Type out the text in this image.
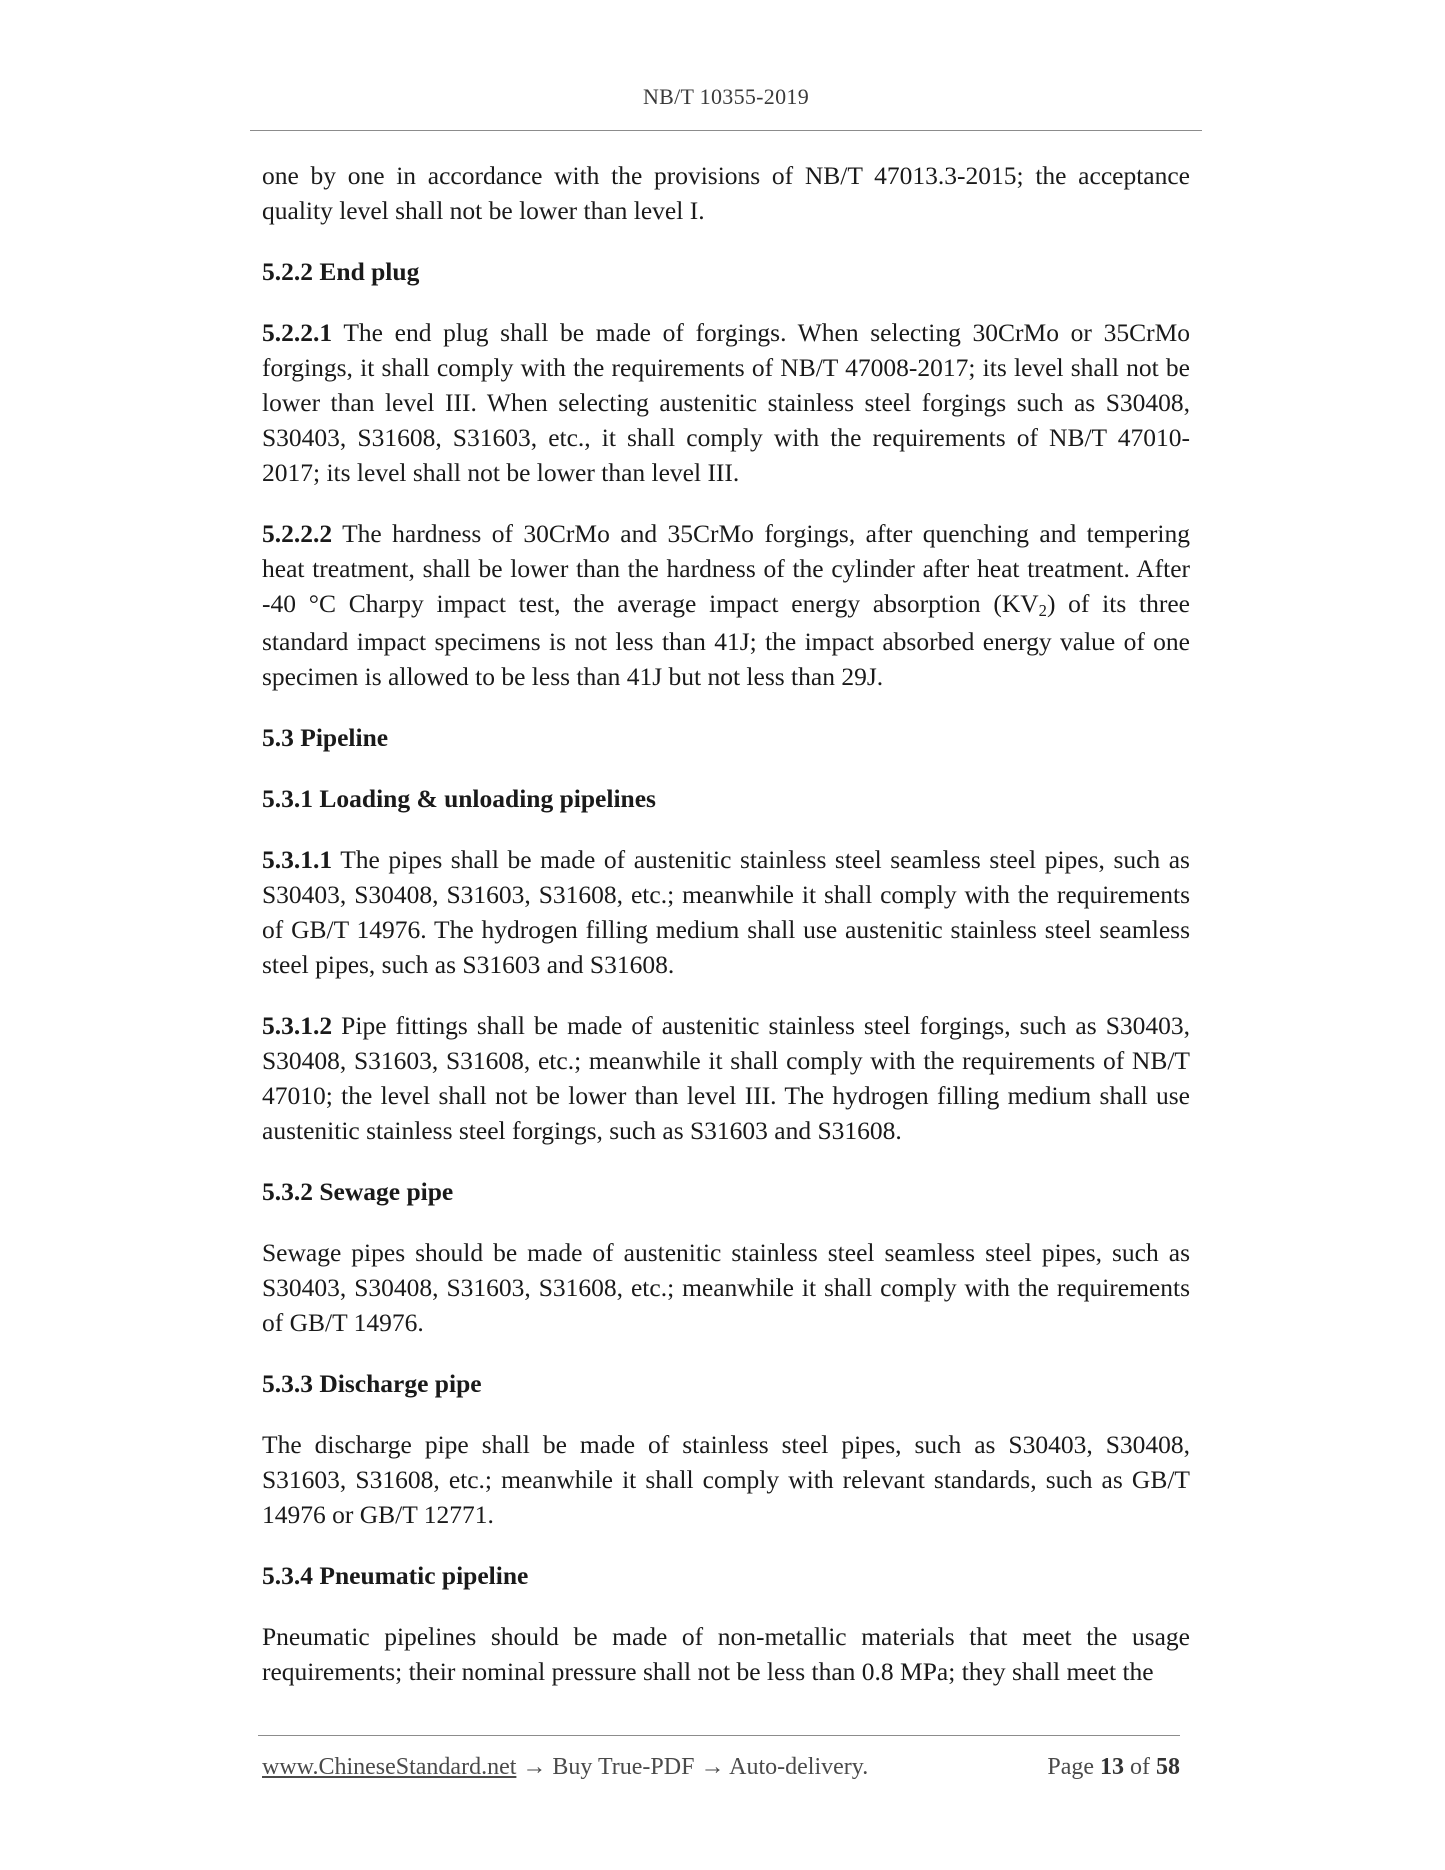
NB/T 10355-2019

one by one in accordance with the provisions of NB/T 47013.3-2015; the acceptance quality level shall not be lower than level I.

5.2.2 End plug

5.2.2.1 The end plug shall be made of forgings. When selecting 30CrMo or 35CrMo forgings, it shall comply with the requirements of NB/T 47008-2017; its level shall not be lower than level III. When selecting austenitic stainless steel forgings such as S30408, S30403, S31608, S31603, etc., it shall comply with the requirements of NB/T 47010-2017; its level shall not be lower than level III.

5.2.2.2 The hardness of 30CrMo and 35CrMo forgings, after quenching and tempering heat treatment, shall be lower than the hardness of the cylinder after heat treatment. After -40 °C Charpy impact test, the average impact energy absorption $(KV_2)$ of its three standard impact specimens is not less than 41J; the impact absorbed energy value of one specimen is allowed to be less than 41J but not less than 29J.

5.3 Pipeline

5.3.1 Loading & unloading pipelines

5.3.1.1 The pipes shall be made of austenitic stainless steel seamless steel pipes, such as S30403, S30408, S31603, S31608, etc.; meanwhile it shall comply with the requirements of GB/T 14976. The hydrogen filling medium shall use austenitic stainless steel seamless steel pipes, such as S31603 and S31608.

5.3.1.2 Pipe fittings shall be made of austenitic stainless steel forgings, such as S30403, S30408, S31603, S31608, etc.; meanwhile it shall comply with the requirements of NB/T 47010; the level shall not be lower than level III. The hydrogen filling medium shall use austenitic stainless steel forgings, such as S31603 and S31608.

5.3.2 Sewage pipe

Sewage pipes should be made of austenitic stainless steel seamless steel pipes, such as S30403, S30408, S31603, S31608, etc.; meanwhile it shall comply with the requirements of GB/T 14976.

5.3.3 Discharge pipe

The discharge pipe shall be made of stainless steel pipes, such as S30403, S30408, S31603, S31608, etc.; meanwhile it shall comply with relevant standards, such as GB/T 14976 or GB/T 12771.

5.3.4 Pneumatic pipeline

Pneumatic pipelines should be made of non-metallic materials that meet the usage requirements; their nominal pressure shall not be less than 0.8 MPa; they shall meet the

www.ChineseStandard.net → Buy True-PDF → Auto-delivery.	Page 13 of 58
